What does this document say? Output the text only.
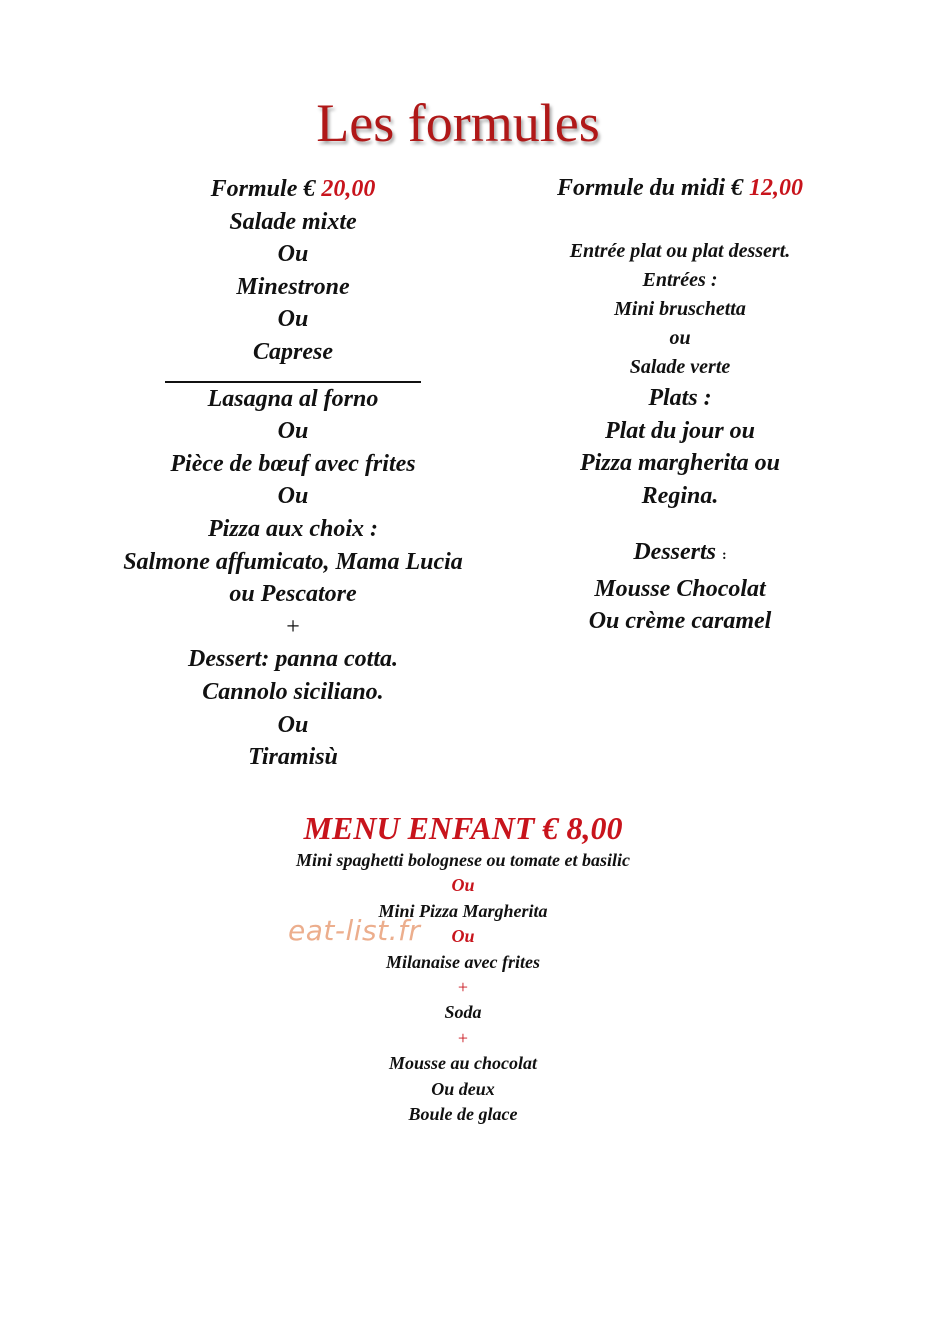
Les formules
Formule € 20,00
Salade mixte
Ou
Minestrone
Ou
Caprese
Lasagna al forno
Ou
Pièce de bœuf avec frites
Ou
Pizza aux choix :
Salmone affumicato, Mama Lucia
ou Pescatore
+
Dessert: panna cotta.
Cannolo siciliano.
Ou
Tiramisù
Formule du midi € 12,00
Entrée plat ou plat dessert.
Entrées :
Mini bruschetta
ou
Salade verte
Plats :
Plat du jour ou
Pizza margherita ou
Regina.
Desserts :
Mousse Chocolat
Ou crème caramel
MENU ENFANT € 8,00
Mini spaghetti bolognese ou tomate et basilic
Ou
Mini Pizza Margherita
Ou
Milanaise avec frites
+
Soda
+
Mousse au chocolat
Ou deux
Boule de glace
eat-list.fr
